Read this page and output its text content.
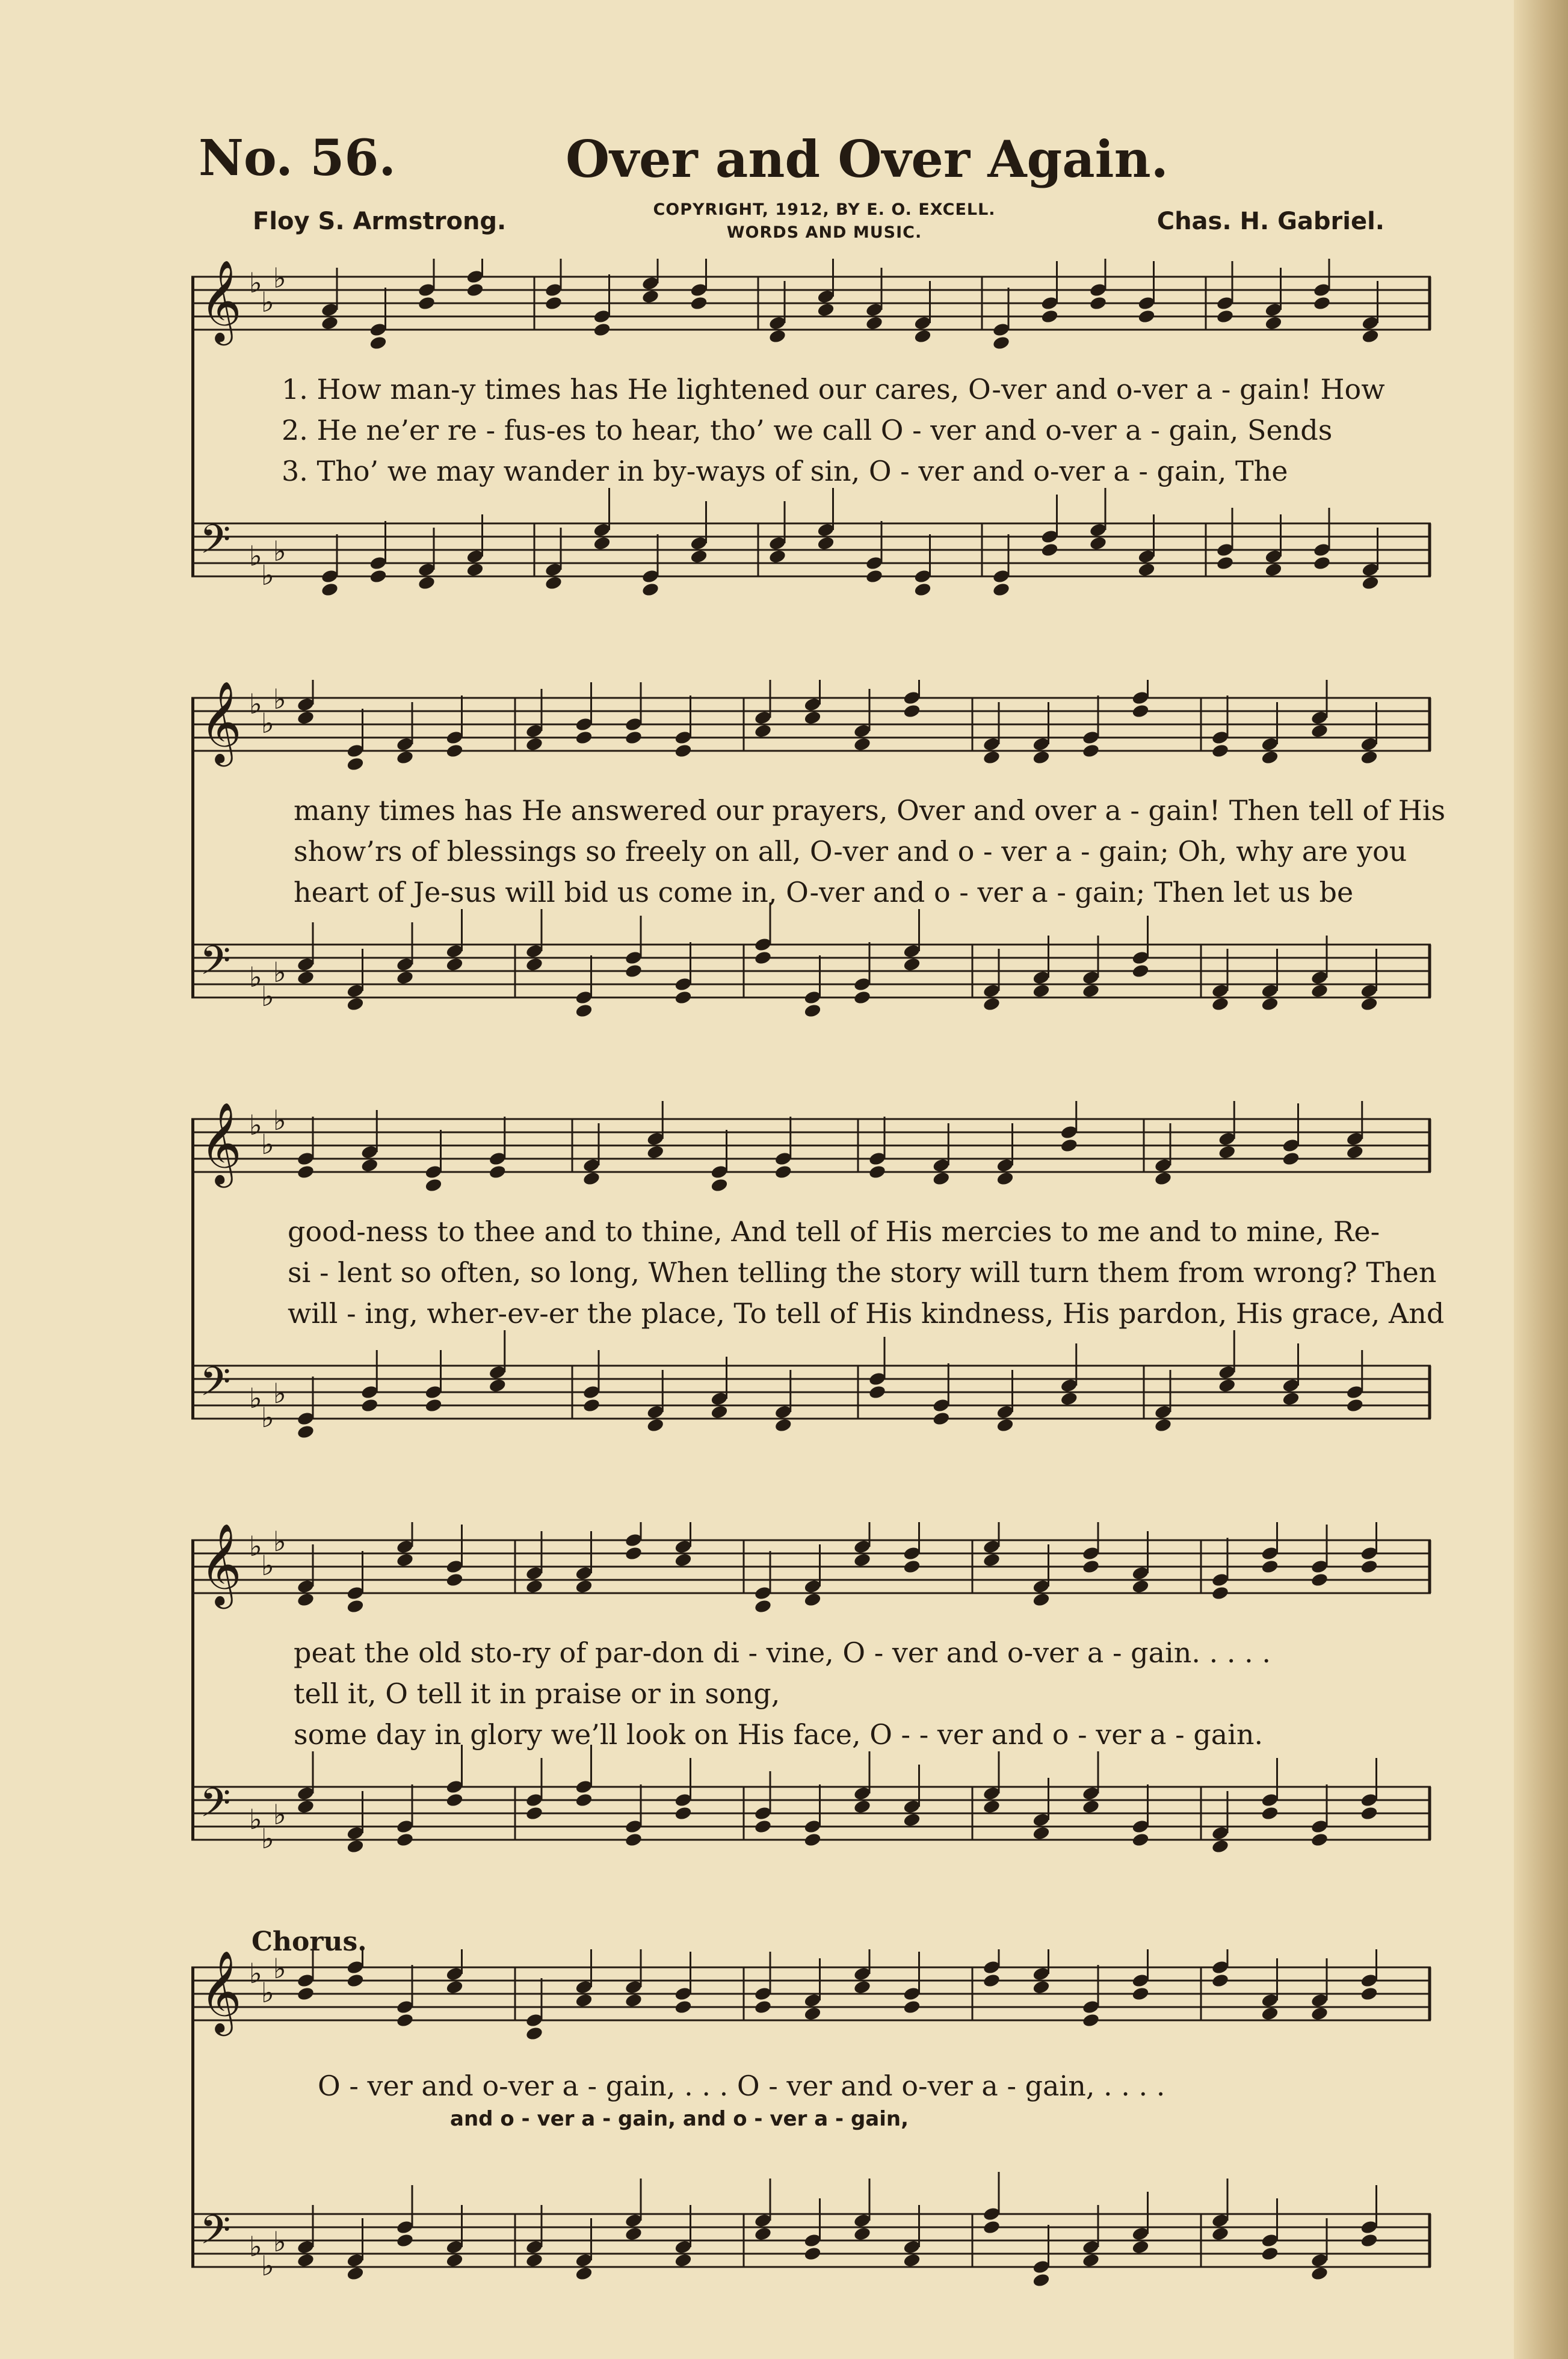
No. 56.	Over and Over Again.
Floy S. Armstrong.	COPYRIGHT, 1912, BY E. O. EXCELL.
WORDS AND MUSIC.	Chas. H. Gabriel.
𝄞 ♭
♭
♭
𝄢 ♭
♭
♭
1. How man-y times has He lightened our cares, O-ver and o-ver a - gain! How
2. He ne’er re - fus-es to hear, tho’ we call O - ver and o-ver a - gain, Sends
3. Tho’ we may wander in by-ways of sin, O - ver and o-ver a - gain, The
𝄞 ♭
♭
♭
𝄢 ♭
♭
♭
many times has He answered our prayers, Over and over a - gain! Then tell of His
show’rs of blessings so freely on all, O-ver and o - ver a - gain; Oh, why are you
heart of Je-sus will bid us come in, O-ver and o - ver a - gain; Then let us be
𝄞 ♭
♭
♭
𝄢 ♭
♭
♭
good-ness to thee and to thine, And tell of His mercies to me and to mine, Re-
si - lent so often, so long, When telling the story will turn them from wrong? Then
will - ing, wher-ev-er the place, To tell of His kindness, His pardon, His grace, And
𝄞 ♭
♭
♭
𝄢 ♭
♭
♭
peat the old sto-ry of par-don di - vine, O - ver and o-ver a - gain. . . . .
tell it, O tell it in praise or in song,
some day in glory we’ll look on His face, O - - ver and o - ver a - gain.
𝄞 ♭
♭
♭
𝄢 ♭
♭
♭
Chorus.
O - ver and o-ver a - gain, . . . O - ver and o-ver a - gain, . . . .
and o - ver a - gain, and o - ver a - gain,
